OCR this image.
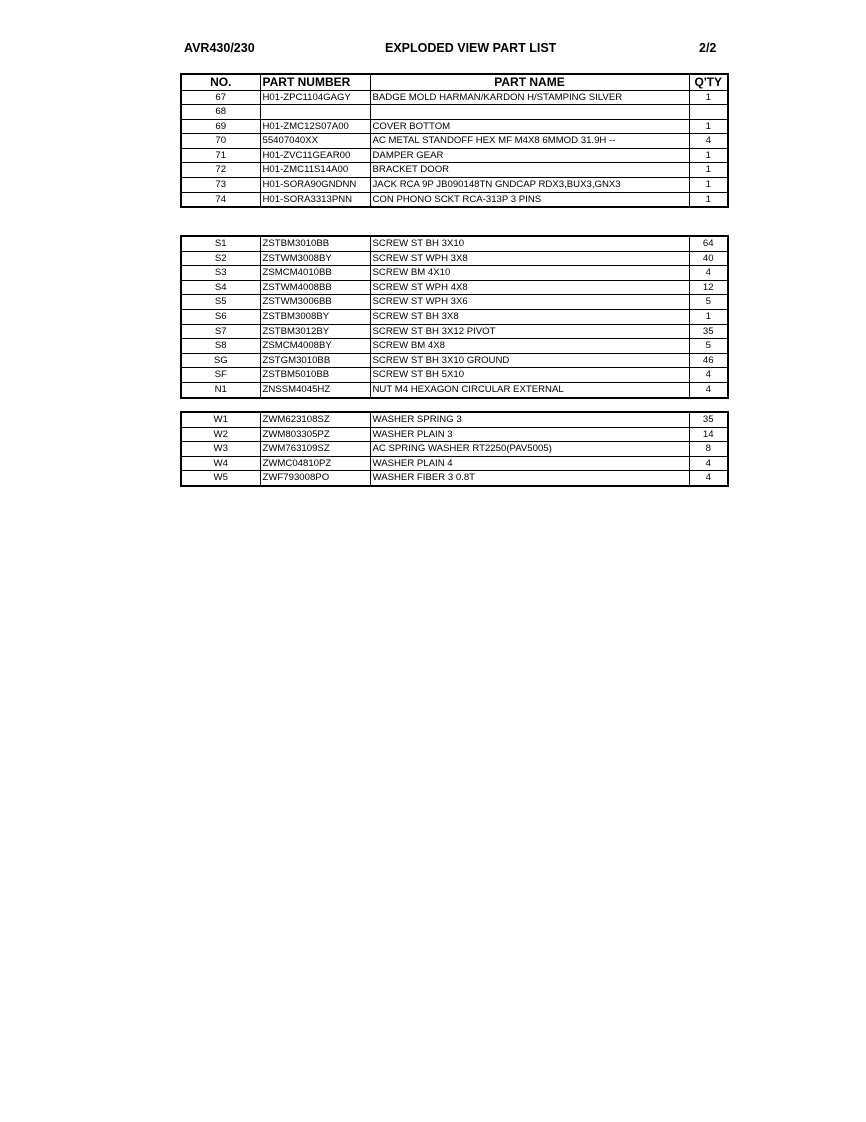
AVR430/230	EXPLODED VIEW PART LIST	2/2
NO.	PART NUMBER	PART NAME	Q'TY
67	H01-ZPC1104GAGY	BADGE MOLD HARMAN/KARDON H/STAMPING SILVER	1
68			
69	H01-ZMC12S07A00	COVER BOTTOM	1
70	55407040XX	AC METAL STANDOFF HEX MF M4X8 6MMOD 31.9H --	4
71	H01-ZVC11GEAR00	DAMPER GEAR	1
72	H01-ZMC11S14A00	BRACKET DOOR	1
73	H01-SORA90GNDNN	JACK RCA 9P JB090148TN GNDCAP RDX3,BUX3,GNX3	1
74	H01-SORA3313PNN	CON PHONO SCKT RCA-313P 3 PINS	1
S1	ZSTBM3010BB	SCREW ST BH 3X10	64
S2	ZSTWM3008BY	SCREW ST WPH 3X8	40
S3	ZSMCM4010BB	SCREW BM 4X10	4
S4	ZSTWM4008BB	SCREW ST WPH 4X8	12
S5	ZSTWM3006BB	SCREW ST WPH 3X6	5
S6	ZSTBM3008BY	SCREW ST BH 3X8	1
S7	ZSTBM3012BY	SCREW ST BH 3X12 PIVOT	35
S8	ZSMCM4008BY	SCREW BM 4X8	5
SG	ZSTGM3010BB	SCREW ST BH 3X10 GROUND	46
SF	ZSTBM5010BB	SCREW ST BH 5X10	4
N1	ZNSSM4045HZ	NUT M4 HEXAGON CIRCULAR EXTERNAL	4
W1	ZWM623108SZ	WASHER SPRING 3	35
W2	ZWM803305PZ	WASHER PLAIN 3	14
W3	ZWM763109SZ	AC SPRING WASHER RT2250(PAV5005)	8
W4	ZWMC04810PZ	WASHER PLAIN 4	4
W5	ZWF793008PO	WASHER FIBER 3 0.8T	4
